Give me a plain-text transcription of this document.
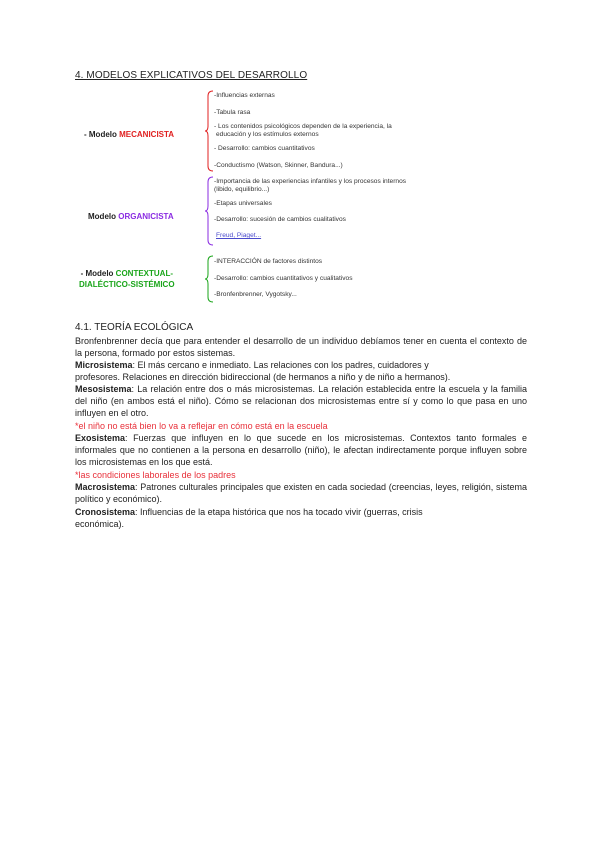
4. MODELOS EXPLICATIVOS DEL DESARROLLO
- Modelo MECANICISTA
-Influencias externas
-Tabula rasa
- Los contenidos psicológicos dependen de la experiencia, la
educación y los estímulos externos
- Desarrollo: cambios cuantitativos
-Conductismo (Watson, Skinner, Bandura...)
Modelo ORGANICISTA
-Importancia de las experiencias infantiles y los procesos internos
(libido, equilibrio...)
-Etapas universales
-Desarrollo: sucesión de cambios cualitativos
Freud, Piaget...
- Modelo CONTEXTUAL-
DIALÉCTICO-SISTÉMICO
-INTERACCIÓN de factores distintos
-Desarrollo: cambios cuantitativos y cualitativos
-Bronfenbrenner, Vygotsky...
4.1. TEORÍA ECOLÓGICA
Bronfenbrenner decía que para entender el desarrollo de un individuo debíamos tener en cuenta el contexto de la persona, formado por estos sistemas.
Microsistema: El más cercano e inmediato. Las relaciones con los padres, cuidadores y
profesores. Relaciones en dirección bidireccional (de hermanos a niño y de niño a hermanos).
Mesosistema: La relación entre dos o más microsistemas. La relación establecida entre la escuela y la familia del niño (en ambos está el niño). Cómo se relacionan dos microsistemas entre sí y como lo que pasa en uno influyen en el otro.
*el niño no está bien lo va a reflejar en cómo está en la escuela
Exosistema: Fuerzas que influyen en lo que sucede en los microsistemas. Contextos tanto formales e informales que no contienen a la persona en desarrollo (niño), le afectan indirectamente porque influyen sobre los microsistemas en los que está.
*las condiciones laborales de los padres
Macrosistema: Patrones culturales principales que existen en cada sociedad (creencias, leyes, religión, sistema político y económico).
Cronosistema: Influencias de la etapa histórica que nos ha tocado vivir (guerras, crisis
económica).
